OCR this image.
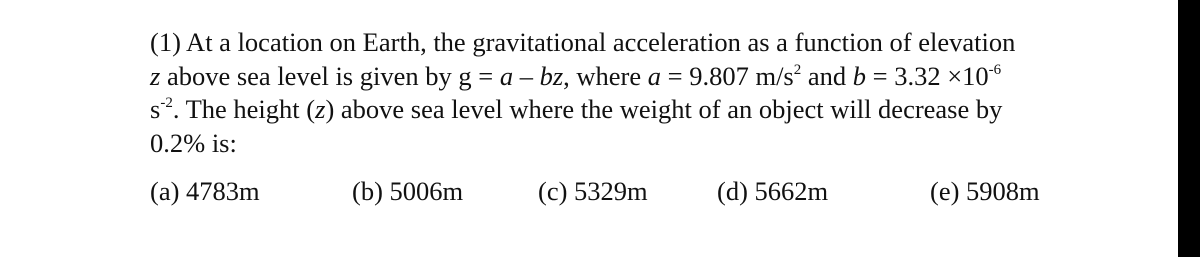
(1) At a location on Earth, the gravitational acceleration as a function of elevation
z above sea level is given by g = a – bz, where a = 9.807 $m/s^2$ and $b = 3.32 \times 10^{-6}$
$s^{-2}$. The height (z) above sea level where the weight of an object will decrease by
0.2% is:
(a) 4783m	(b) 5006m	(c) 5329m	(d) 5662m	(e) 5908m
